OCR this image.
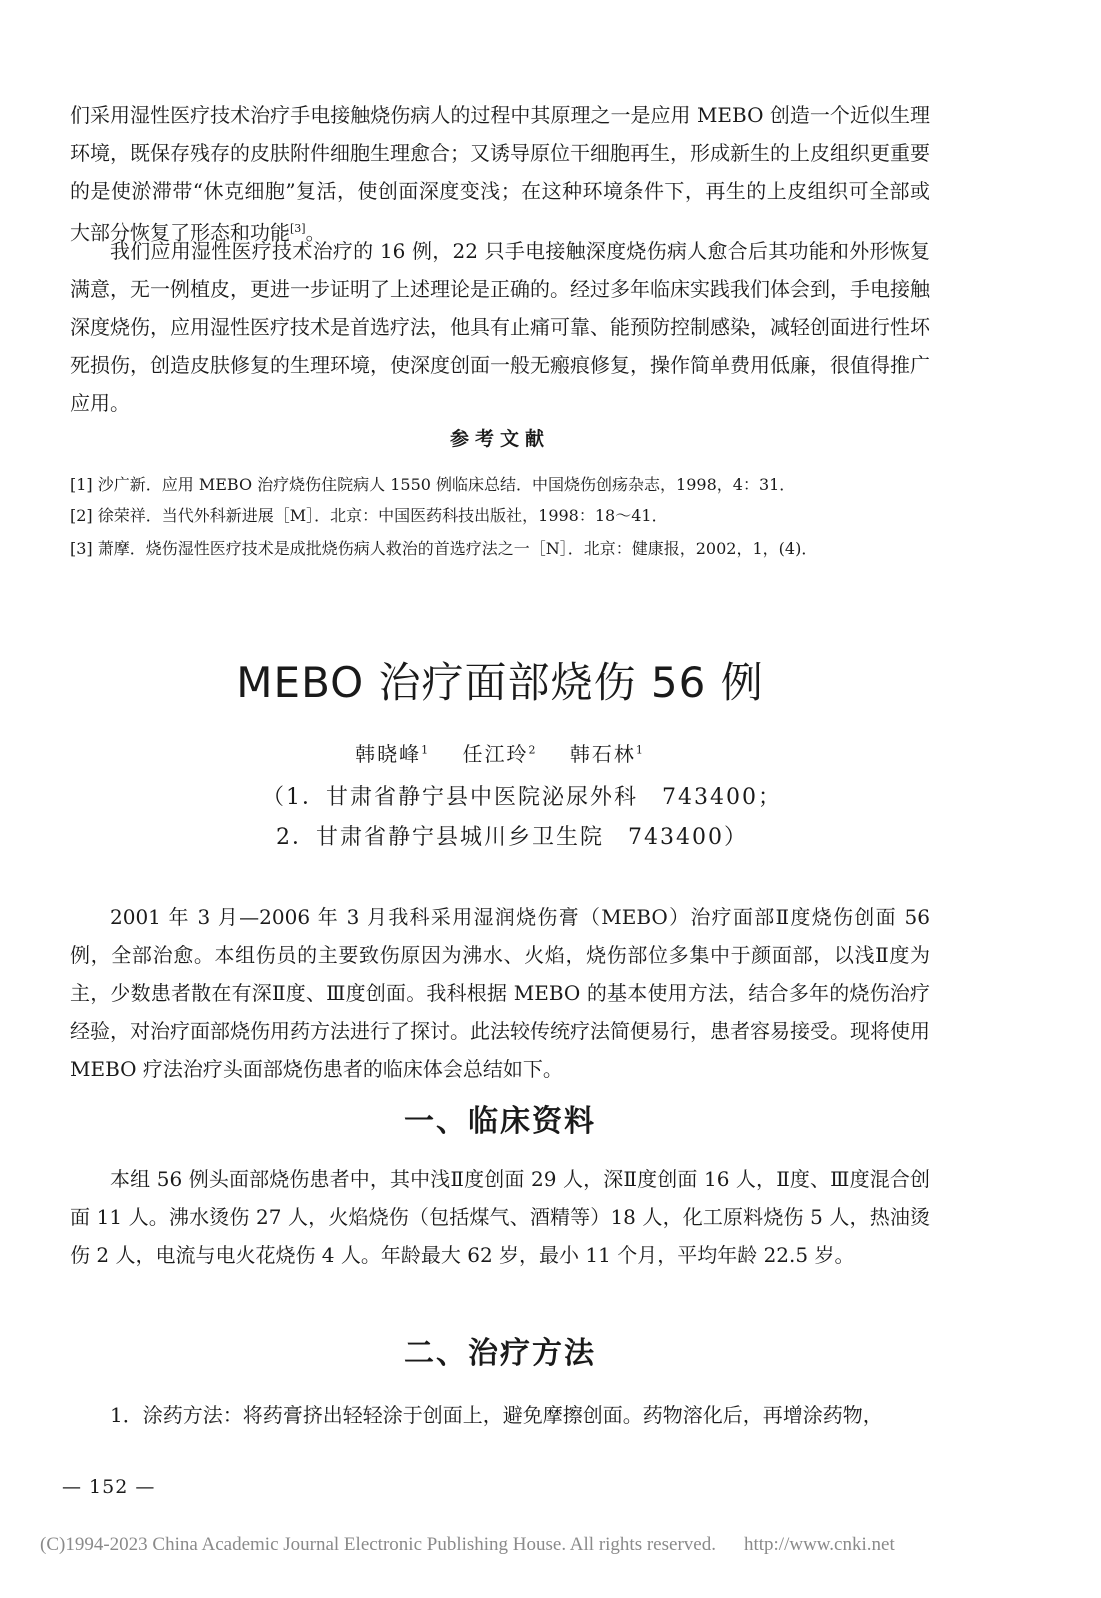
们采用湿性医疗技术治疗手电接触烧伤病人的过程中其原理之一是应用 MEBO 创造一个近似生理环境，既保存残存的皮肤附件细胞生理愈合；又诱导原位干细胞再生，形成新生的上皮组织更重要的是使淤滞带“休克细胞”复活，使创面深度变浅；在这种环境条件下，再生的上皮组织可全部或大部分恢复了形态和功能[3]。

我们应用湿性医疗技术治疗的 16 例，22 只手电接触深度烧伤病人愈合后其功能和外形恢复满意，无一例植皮，更进一步证明了上述理论是正确的。经过多年临床实践我们体会到，手电接触深度烧伤，应用湿性医疗技术是首选疗法，他具有止痛可靠、能预防控制感染，减轻创面进行性坏死损伤，创造皮肤修复的生理环境，使深度创面一般无瘢痕修复，操作简单费用低廉，很值得推广应用。

参考文献
[1] 沙广新．应用 MEBO 治疗烧伤住院病人 1550 例临床总结．中国烧伤创疡杂志，1998，4：31．
[2] 徐荣祥．当代外科新进展［M］．北京：中国医药科技出版社，1998：18～41．
[3] 萧摩．烧伤湿性医疗技术是成批烧伤病人救治的首选疗法之一［N］．北京：健康报，2002，1，(4)．
MEBO 治疗面部烧伤 56 例
韩晓峰$^1$ 任江玲$^2$ 韩石林$^1$
（1．甘肃省静宁县中医院泌尿外科　743400；
2．甘肃省静宁县城川乡卫生院　743400）

2001 年 3 月—2006 年 3 月我科采用湿润烧伤膏（MEBO）治疗面部Ⅱ度烧伤创面 56 例，全部治愈。本组伤员的主要致伤原因为沸水、火焰，烧伤部位多集中于颜面部，以浅Ⅱ度为主，少数患者散在有深Ⅱ度、Ⅲ度创面。我科根据 MEBO 的基本使用方法，结合多年的烧伤治疗经验，对治疗面部烧伤用药方法进行了探讨。此法较传统疗法简便易行，患者容易接受。现将使用 MEBO 疗法治疗头面部烧伤患者的临床体会总结如下。

一、临床资料

本组 56 例头面部烧伤患者中，其中浅Ⅱ度创面 29 人，深Ⅱ度创面 16 人，Ⅱ度、Ⅲ度混合创面 11 人。沸水烫伤 27 人，火焰烧伤（包括煤气、酒精等）18 人，化工原料烧伤 5 人，热油烫伤 2 人，电流与电火花烧伤 4 人。年龄最大 62 岁，最小 11 个月，平均年龄 22.5 岁。

二、治疗方法

1．涂药方法：将药膏挤出轻轻涂于创面上，避免摩擦创面。药物溶化后，再增涂药物，

— 152 —
(C)1994-2023 China Academic Journal Electronic Publishing House. All rights reserved. http://www.cnki.net
